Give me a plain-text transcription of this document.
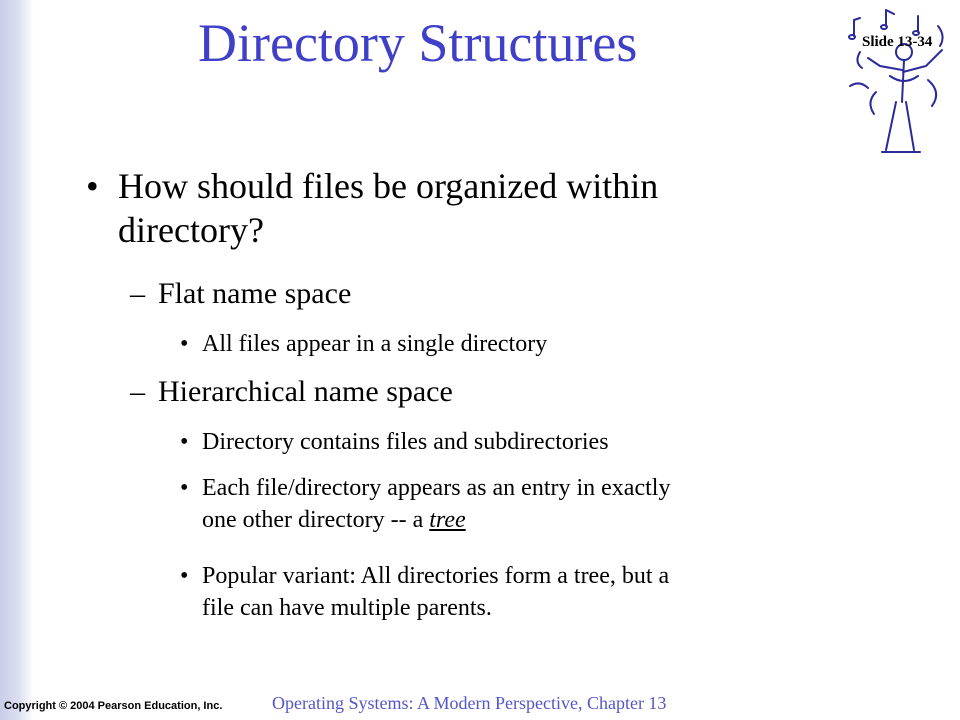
Directory Structures	Slide 13-34
• How should files be organized within
directory?
– Flat name space
• All files appear in a single directory
– Hierarchical name space
• Directory contains files and subdirectories
• Each file/directory appears as an entry in exactly
one other directory -- a tree
• Popular variant: All directories form a tree, but a
file can have multiple parents.
Copyright © 2004 Pearson Education, Inc.	Operating Systems: A Modern Perspective, Chapter 13
